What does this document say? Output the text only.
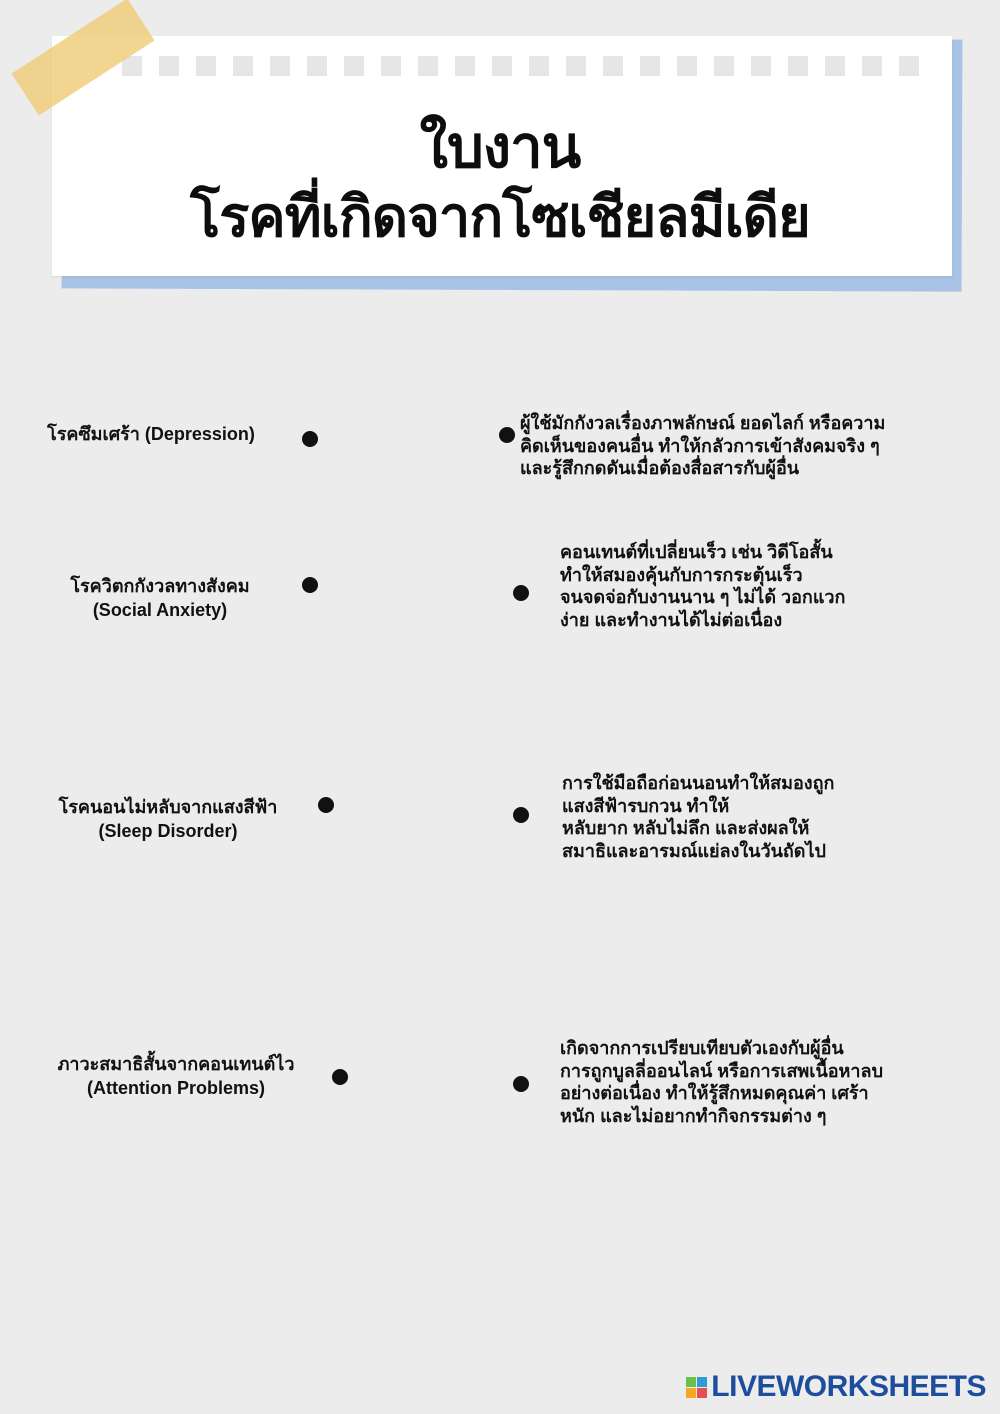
ใบงาน
โรคที่เกิดจากโซเชียลมีเดีย
โรคซึมเศร้า (Depression)
โรควิตกกังวลทางสังคม
(Social Anxiety)
โรคนอนไม่หลับจากแสงสีฟ้า
(Sleep Disorder)
ภาวะสมาธิสั้นจากคอนเทนต์ไว
(Attention Problems)
ผู้ใช้มักกังวลเรื่องภาพลักษณ์ ยอดไลก์ หรือความ
คิดเห็นของคนอื่น ทำให้กลัวการเข้าสังคมจริง ๆ
และรู้สึกกดดันเมื่อต้องสื่อสารกับผู้อื่น
คอนเทนต์ที่เปลี่ยนเร็ว เช่น วิดีโอสั้น
ทำให้สมองคุ้นกับการกระตุ้นเร็ว
จนจดจ่อกับงานนาน ๆ ไม่ได้ วอกแวก
ง่าย และทำงานได้ไม่ต่อเนื่อง
การใช้มือถือก่อนนอนทำให้สมองถูก
แสงสีฟ้ารบกวน ทำให้
หลับยาก หลับไม่ลึก และส่งผลให้
สมาธิและอารมณ์แย่ลงในวันถัดไป
เกิดจากการเปรียบเทียบตัวเองกับผู้อื่น
การถูกบูลลี่ออนไลน์ หรือการเสพเนื้อหาลบ
อย่างต่อเนื่อง ทำให้รู้สึกหมดคุณค่า เศร้า
หนัก และไม่อยากทำกิจกรรมต่าง ๆ
LIVEWORKSHEETS
